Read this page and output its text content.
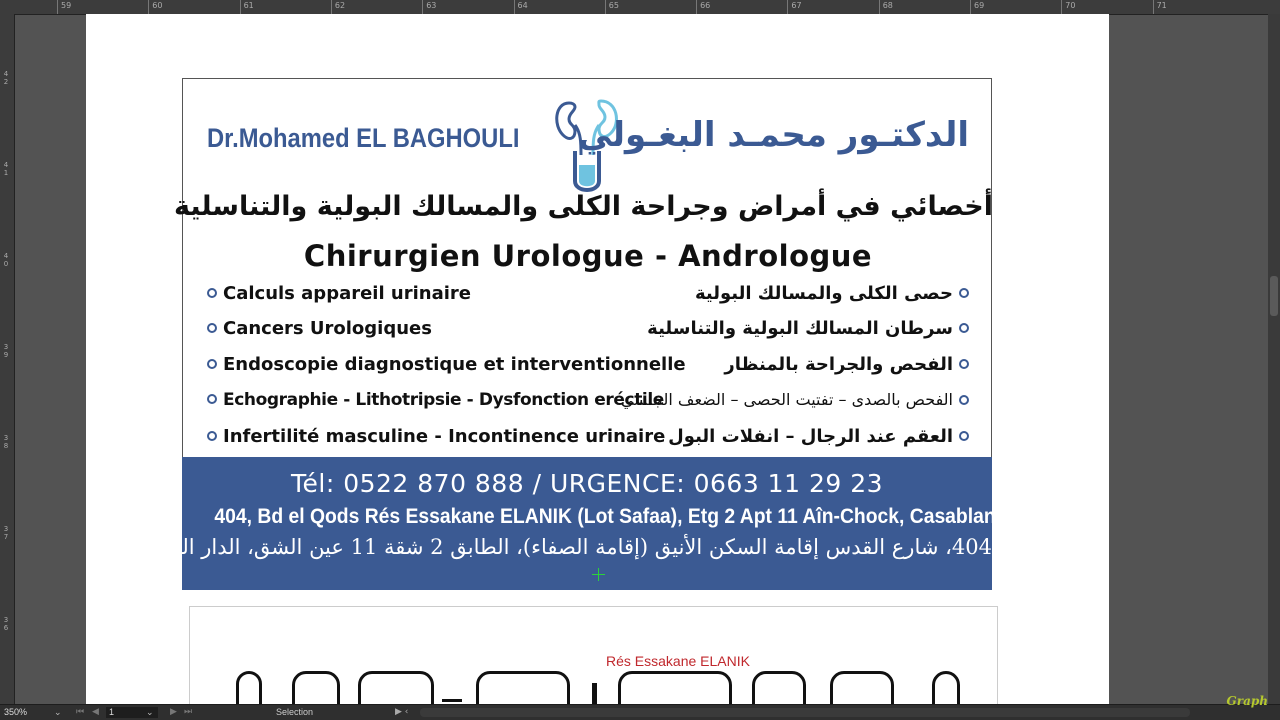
59	60	61	62	63	64	65	66	67	68	69	70	71
4
2
4
1
4
0
3
9
3
8
3
7
3
6
Dr.Mohamed EL BAGHOULI الدكتـور محمـد البغـولي
أخصائي في أمراض وجراحة الكلى والمسالك البولية والتناسلية
Chirurgien Urologue - Andrologue
Calculs appareil urinaire	حصى الكلى والمسالك البولية
Cancers Urologiques	سرطان المسالك البولية والتناسلية
Endoscopie diagnostique et interventionnelle الفحص والجراحة بالمنظار
Echographie - Lithotripsie - Dysfonction eréctile
الفحص بالصدى – تفتيت الحصى – الضعف الجنسي
Infertilité masculine - Incontinence urinaire العقم عند الرجال – انفلات البول
Tél: 0522 870 888 / URGENCE: 0663 11 29 23
404, Bd el Qods Rés Essakane ELANIK (Lot Safaa), Etg 2 Apt 11 Aîn-Chock, Casablanca
404، شارع القدس إقامة السكن الأنيق (إقامة الصفاء)، الطابق 2 شقة 11 عين الشق، الدار البيضاء
Rés Essakane ELANIK
350%	⌄ ⏮ ◀	1	⌄ ▶ ⏭	Selection	▶ ‹
Graph
